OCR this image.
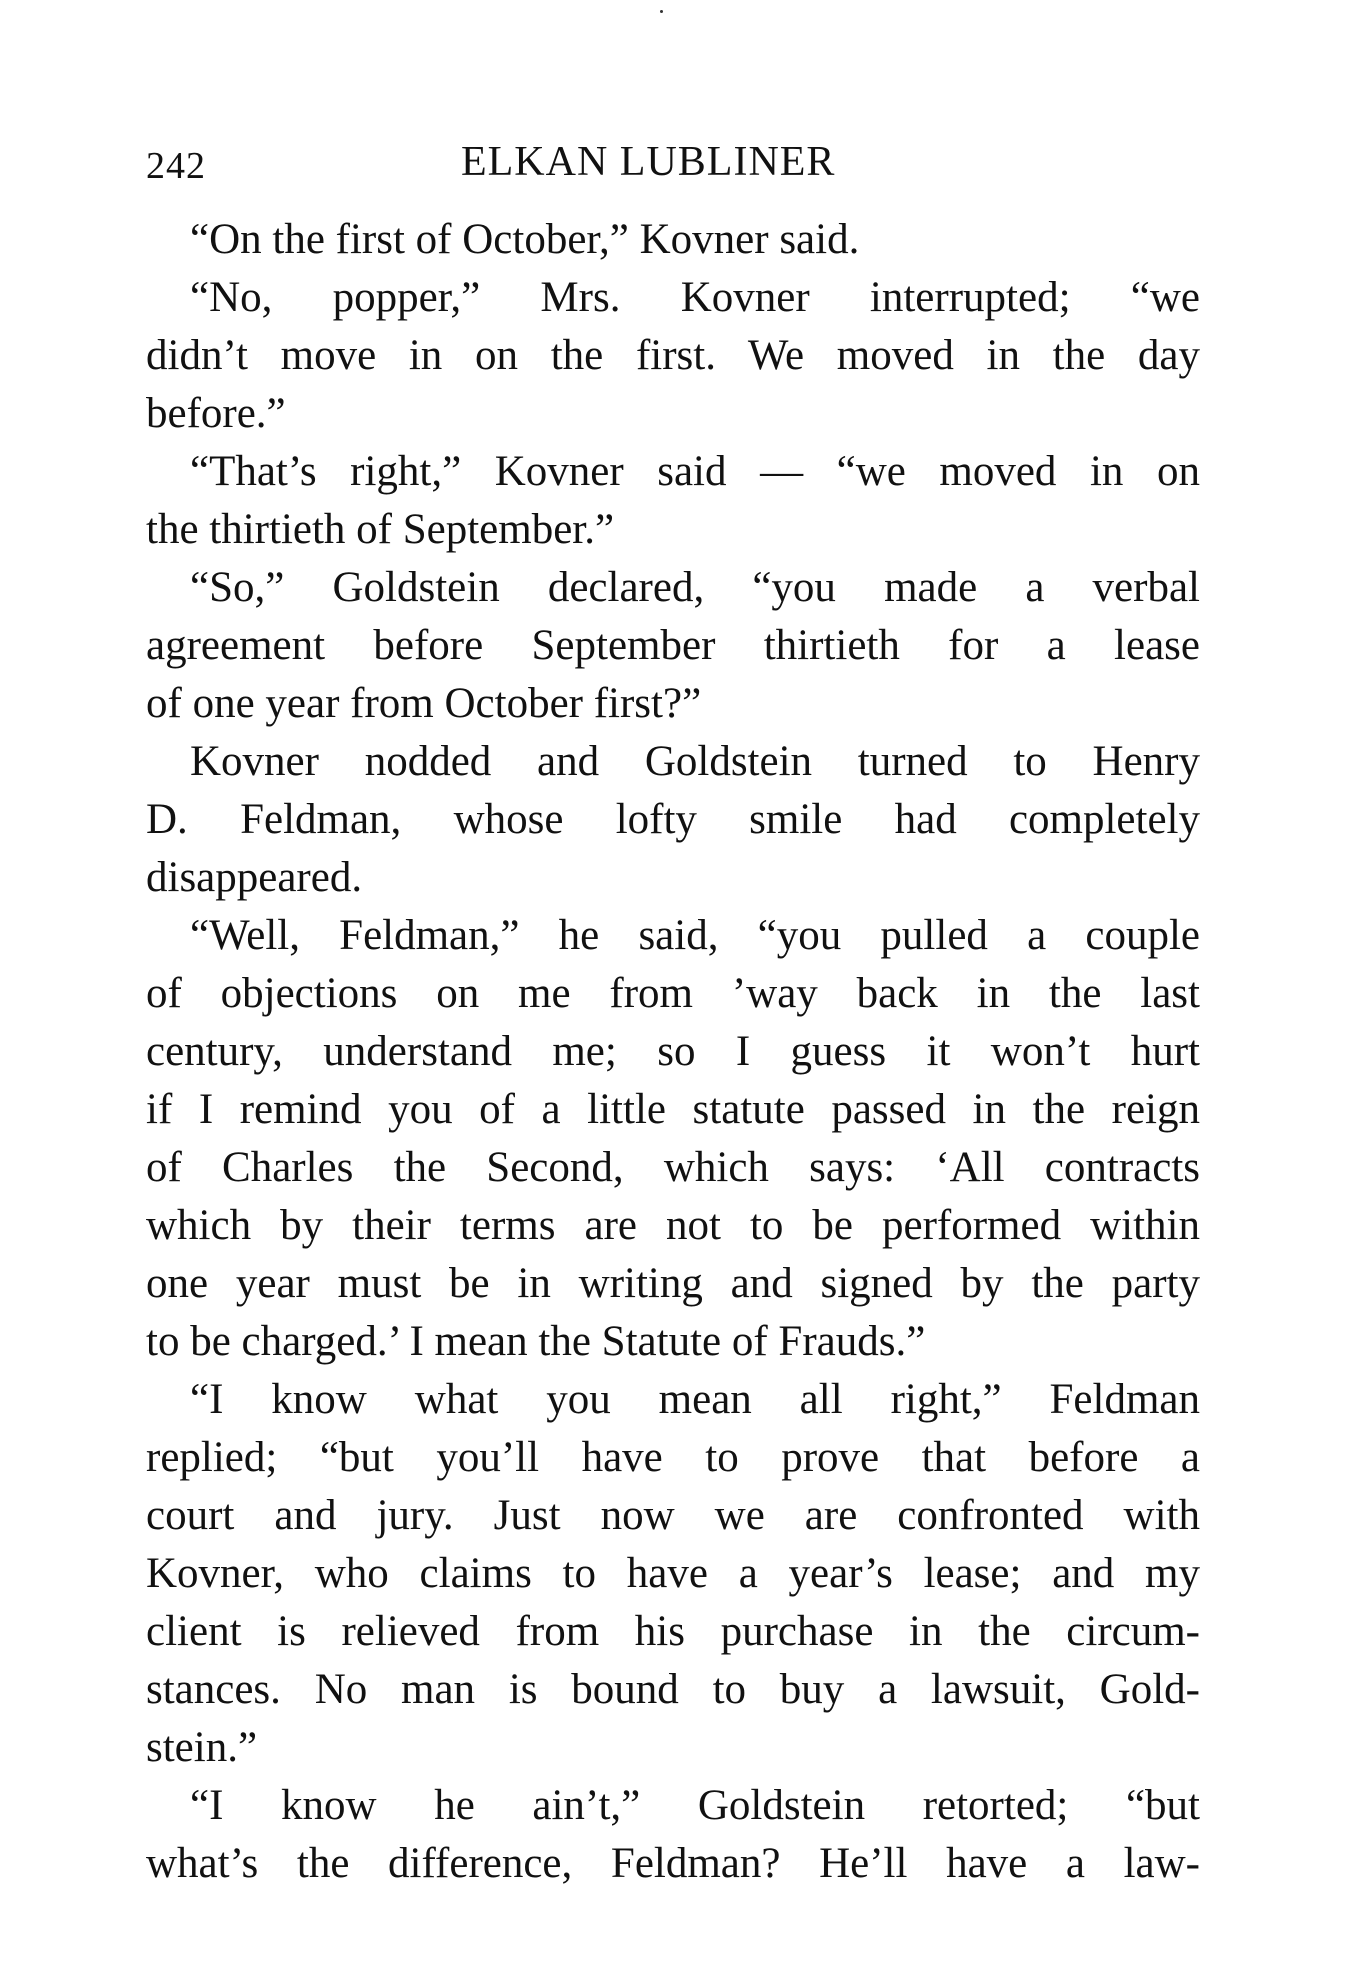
242	ELKAN LUBLINER
“On the first of October,” Kovner said.
“No, popper,” Mrs. Kovner interrupted; “we
didn’t move in on the first. We moved in the day
before.”
“That’s right,” Kovner said — “we moved in on
the thirtieth of September.”
“So,” Goldstein declared, “you made a verbal
agreement before September thirtieth for a lease
of one year from October first?”
Kovner nodded and Goldstein turned to Henry
D. Feldman, whose lofty smile had completely
disappeared.
“Well, Feldman,” he said, “you pulled a couple
of objections on me from ’way back in the last
century, understand me; so I guess it won’t hurt
if I remind you of a little statute passed in the reign
of Charles the Second, which says: ‘All contracts
which by their terms are not to be performed within
one year must be in writing and signed by the party
to be charged.’ I mean the Statute of Frauds.”
“I know what you mean all right,” Feldman
replied; “but you’ll have to prove that before a
court and jury. Just now we are confronted with
Kovner, who claims to have a year’s lease; and my
client is relieved from his purchase in the circum-
stances. No man is bound to buy a lawsuit, Gold-
stein.”
“I know he ain’t,” Goldstein retorted; “but
what’s the difference, Feldman? He’ll have a law-
